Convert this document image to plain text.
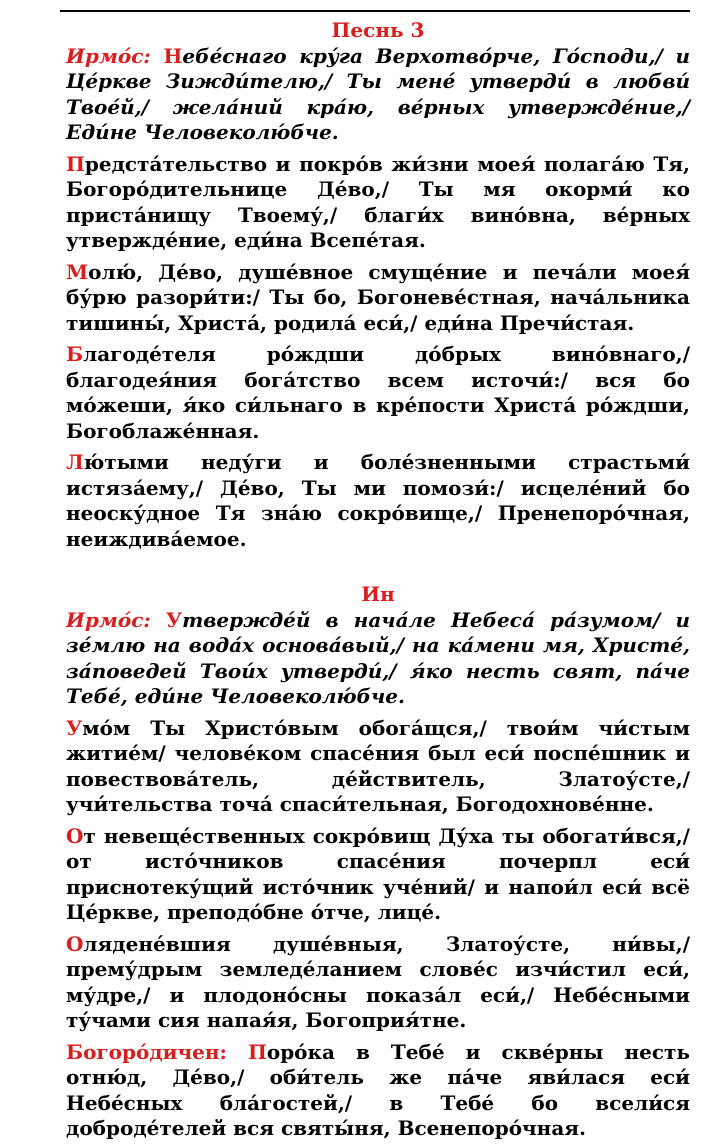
Песнь 3

Ирмо́с: Небе́снаго кру́га Верхотво́рче, Го́споди,/ и Це́ркве Зижди́телю,/ Ты мене́ утверди́ в любви́ Твое́й,/ жела́ний кра́ю, ве́рных утвержде́ние,/ Еди́не Человеколю́бче.

Предста́тельство и покро́в жи́зни моея́ полага́ю Тя, Богоро́дительнице Де́во,/ Ты мя окорми́ ко приста́нищу Твоему́,/ благи́х вино́вна, ве́рных утвержде́ние, еди́на Всепе́тая.

Молю́, Де́во, душе́вное смуще́ние и печа́ли моея́ бу́рю разори́ти:/ Ты бо, Богоневе́стная, нача́льника тишины́, Христа́, родила́ еси́,/ еди́на Пречи́стая.

Благоде́теля ро́ждши до́брых вино́внаго,/ благодея́ния бога́тство всем источи́:/ вся бо мо́жеши, я́ко си́льнаго в кре́пости Христа́ ро́ждши, Богоблаже́нная.

Лю́тыми неду́ги и боле́зненными страстьми́ истяза́ему,/ Де́во, Ты ми помози́:/ исцеле́ний бо неоску́дное Тя зна́ю сокро́вище,/ Пренепоро́чная, неиждива́емое.

Ин

Ирмо́с: Утверждéй в нача́ле Небеса́ ра́зумом/ и зе́млю на вода́х основа́вый,/ на ка́мени мя, Христе́, за́поведей Твои́х утверди́,/ я́ко несть свят, па́че Тебе́, еди́не Человеколю́бче.

Умо́м Ты Христо́вым обога́щся,/ твои́м чи́стым житие́м/ челове́ком спасе́ния был еси́ поспе́шник и повествова́тель, де́йствитель, Златоу́сте,/ учи́тельства точа́ спаси́тельная, Богодохнове́нне.

От невеще́ственных сокро́вищ Ду́ха ты обогати́вся,/ от исто́чников спасе́ния почерпл еси́ приснотеку́щий исто́чник уче́ний/ и напои́л еси́ всё Це́ркве, преподо́бне о́тче, лице́.

Оляденéвшия душе́вныя, Златоу́сте, ни́вы,/ прему́дрым земледе́ланием слове́с изчи́стил еси́, му́дре,/ и плодоно́сны показа́л еси́,/ Небе́сными ту́чами сия напая́я, Богоприя́тне.

Богоро́дичен: Поро́ка в Тебе́ и скве́рны несть отню́д, Де́во,/ оби́тель же па́че яви́лася еси́ Небе́сных бла́гостей,/ в Тебе́ бо всели́ся доброде́телей вся святы́ня, Всенепоро́чная.
